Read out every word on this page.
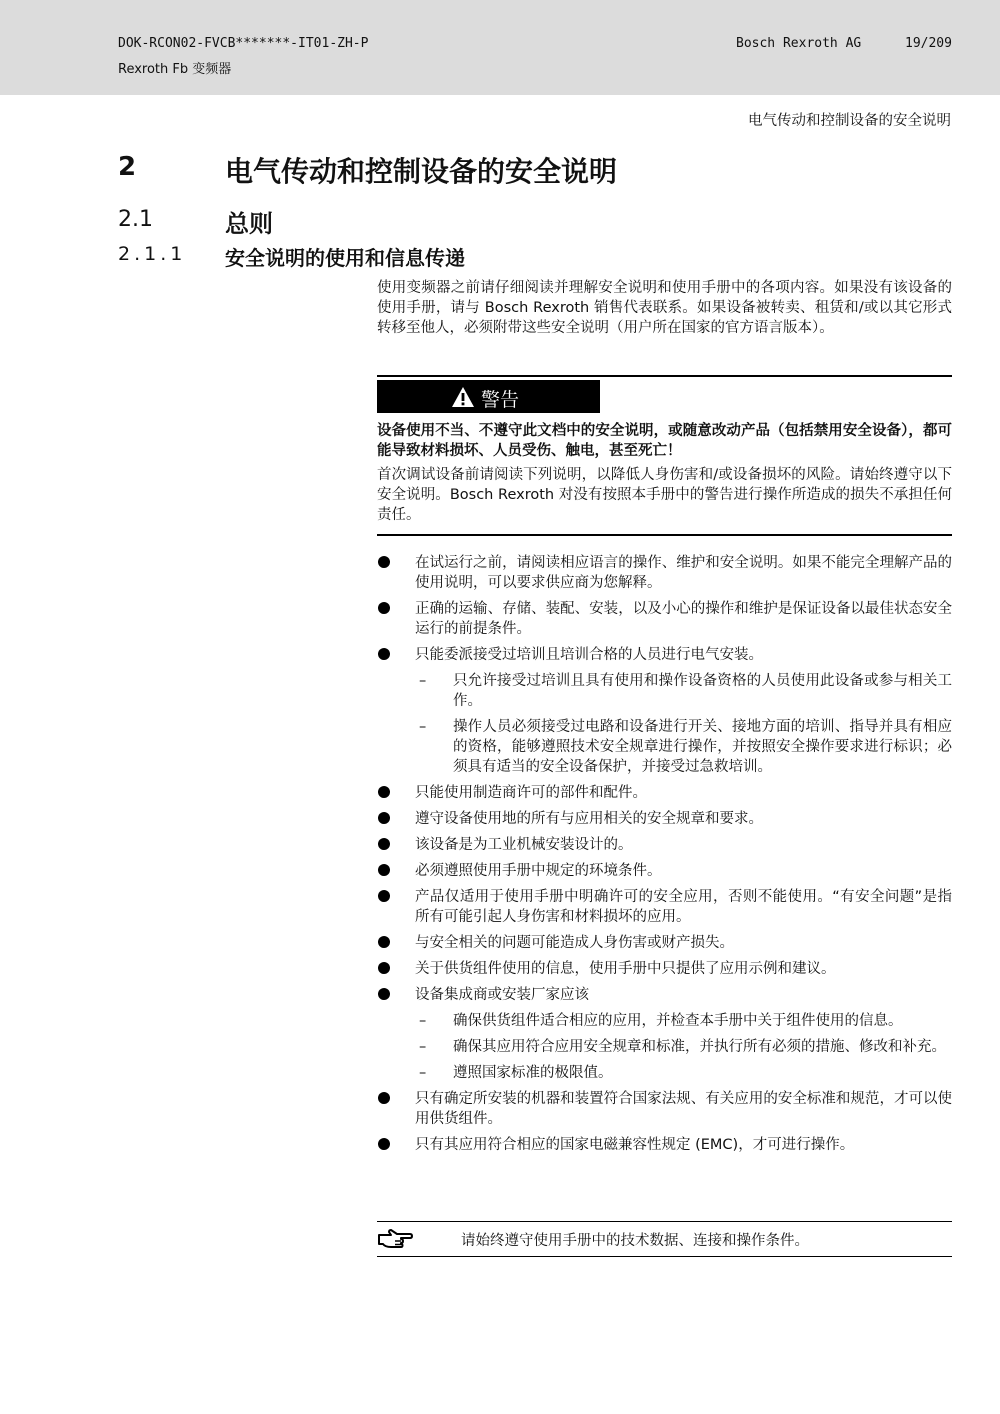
DOK-RCON02-FVCB*******-IT01-ZH-P
Rexroth Fb 变频器
Bosch Rexroth AG	19/209
电气传动和控制设备的安全说明
2	电气传动和控制设备的安全说明
2.1	总则
2.1.1 安全说明的使用和信息传递
使用变频器之前请仔细阅读并理解安全说明和使用手册中的各项内容。如果没有该设备的使用手册，请与 Bosch Rexroth 销售代表联系。如果设备被转卖、租赁和/或以其它形式转移至他人，必须附带这些安全说明（用户所在国家的官方语言版本）。
警告
设备使用不当、不遵守此文档中的安全说明，或随意改动产品（包括禁用安全设备），都可能导致材料损坏、人员受伤、触电，甚至死亡！
首次调试设备前请阅读下列说明，以降低人身伤害和/或设备损坏的风险。请始终遵守以下安全说明。Bosch Rexroth 对没有按照本手册中的警告进行操作所造成的损失不承担任何责任。
在试运行之前，请阅读相应语言的操作、维护和安全说明。如果不能完全理解产品的使用说明，可以要求供应商为您解释。
正确的运输、存储、装配、安装，以及小心的操作和维护是保证设备以最佳状态安全运行的前提条件。
只能委派接受过培训且培训合格的人员进行电气安装。
– 只允许接受过培训且具有使用和操作设备资格的人员使用此设备或参与相关工作。
– 操作人员必须接受过电路和设备进行开关、接地方面的培训、指导并具有相应的资格，能够遵照技术安全规章进行操作，并按照安全操作要求进行标识；必须具有适当的安全设备保护，并接受过急救培训。
只能使用制造商许可的部件和配件。
遵守设备使用地的所有与应用相关的安全规章和要求。
该设备是为工业机械安装设计的。
必须遵照使用手册中规定的环境条件。
产品仅适用于使用手册中明确许可的安全应用，否则不能使用。“有安全问题”是指所有可能引起人身伤害和材料损坏的应用。
与安全相关的问题可能造成人身伤害或财产损失。
关于供货组件使用的信息，使用手册中只提供了应用示例和建议。
设备集成商或安装厂家应该
– 确保供货组件适合相应的应用，并检查本手册中关于组件使用的信息。
– 确保其应用符合应用安全规章和标准，并执行所有必须的措施、修改和补充。
– 遵照国家标准的极限值。
只有确定所安装的机器和装置符合国家法规、有关应用的安全标准和规范，才可以使用供货组件。
只有其应用符合相应的国家电磁兼容性规定 (EMC)，才可进行操作。
请始终遵守使用手册中的技术数据、连接和操作条件。
